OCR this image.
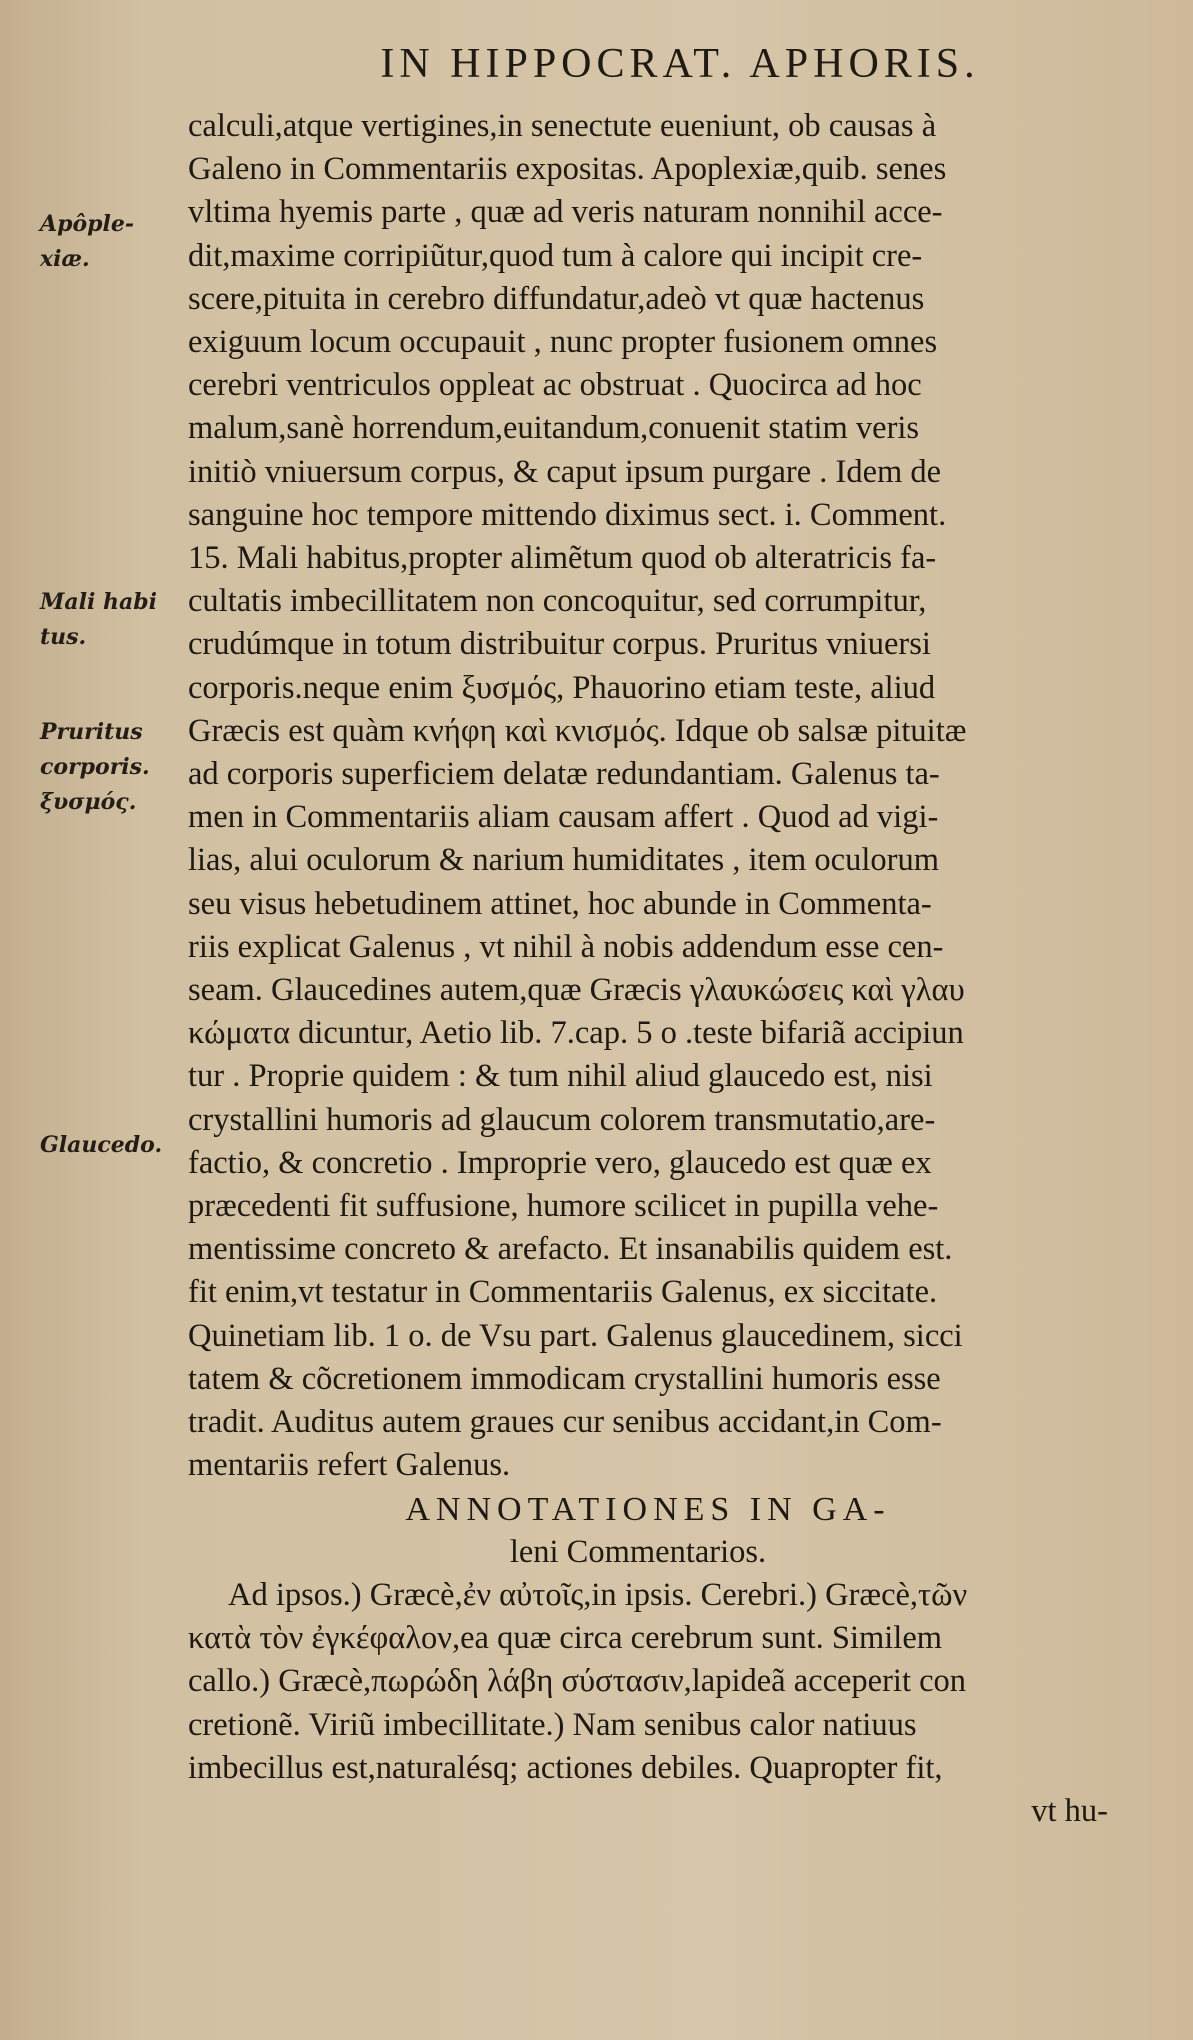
IN HIPPOCRAT. APHORIS.
Apôple-
xiæ.
Mali habi
tus.
Pruritus
corporis.
ξυσμός.
Glaucedo.
calculi,atque vertigines,in senectute eueniunt, ob causas à
Galeno in Commentariis expositas. Apoplexiæ,quib. senes
vltima hyemis parte , quæ ad veris naturam nonnihil acce-
dit,maxime corripiũtur,quod tum à calore qui incipit cre-
scere,pituita in cerebro diffundatur,adeò vt quæ hactenus
exiguum locum occupauit , nunc propter fusionem omnes
cerebri ventriculos oppleat ac obstruat . Quocirca ad hoc
malum,sanè horrendum,euitandum,conuenit statim veris
initiò vniuersum corpus, & caput ipsum purgare . Idem de
sanguine hoc tempore mittendo diximus sect. i. Comment.
15. Mali habitus,propter alimẽtum quod ob alteratricis fa-
cultatis imbecillitatem non concoquitur, sed corrumpitur,
crudúmque in totum distribuitur corpus. Pruritus vniuersi
corporis.neque enim ξυσμός, Phauorino etiam teste, aliud
Græcis est quàm κνήφη καὶ κνισμός. Idque ob salsæ pituitæ
ad corporis superficiem delatæ redundantiam. Galenus ta-
men in Commentariis aliam causam affert . Quod ad vigi-
lias, alui oculorum & narium humiditates , item oculorum
seu visus hebetudinem attinet, hoc abunde in Commenta-
riis explicat Galenus , vt nihil à nobis addendum esse cen-
seam. Glaucedines autem,quæ Græcis γλαυκώσεις καὶ γλαυ
κώματα dicuntur, Aetio lib. 7.cap. 5 o .teste bifariã accipiun
tur . Proprie quidem : & tum nihil aliud glaucedo est, nisi
crystallini humoris ad glaucum colorem transmutatio,are-
factio, & concretio . Improprie vero, glaucedo est quæ ex
præcedenti fit suffusione, humore scilicet in pupilla vehe-
mentissime concreto & arefacto. Et insanabilis quidem est.
fit enim,vt testatur in Commentariis Galenus, ex siccitate.
Quinetiam lib. 1 o. de Vsu part. Galenus glaucedinem, sicci
tatem & cõcretionem immodicam crystallini humoris esse
tradit. Auditus autem graues cur senibus accidant,in Com-
mentariis refert Galenus.
ANNOTATIONES IN GA-
leni Commentarios.
Ad ipsos.) Græcè,ἐν αὐτοῖς,in ipsis. Cerebri.) Græcè,τῶν
κατὰ τὸν ἐγκέφαλον,ea quæ circa cerebrum sunt. Similem
callo.) Græcè,πωρώδη λάβη σύστασιν,lapideã acceperit con
cretionẽ. Viriũ imbecillitate.) Nam senibus calor natiuus
imbecillus est,naturalésq; actiones debiles. Quapropter fit,
vt hu-
